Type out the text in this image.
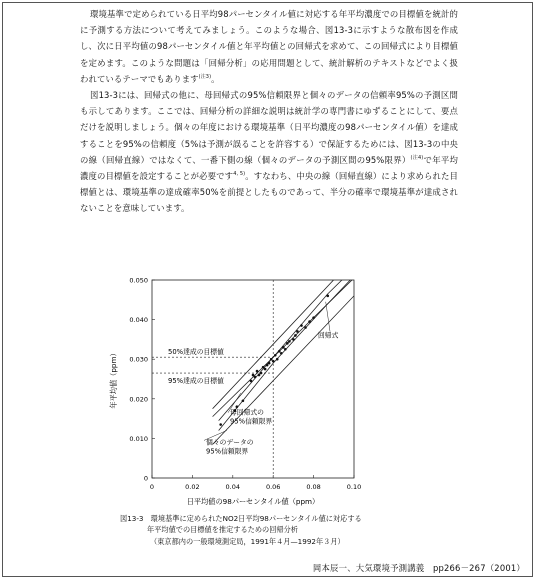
環境基準で定められている日平均98パーセンタイル値に対応する年平均濃度での目標値を統計的に予測する方法について考えてみましょう。このような場合、図13-3に示すような散布図を作成し、次に日平均値の98パーセンタイル値と年平均値との回帰式を求めて、この回帰式により目標値を定めます。このような問題は「回帰分析」の応用問題として、統計解析のテキストなどでよく扱われているテーマでもあります$^{(注3)}$。

図13-3には、回帰式の他に、母回帰式の95%信頼限界と個々のデータの信頼率95%の予測区間も示してあります。ここでは、回帰分析の詳細な説明は統計学の専門書にゆずることにして、要点だけを説明しましょう。個々の年度における環境基準（日平均濃度の98パーセンタイル値）を達成することを95%の信頼度（5%は予測が誤ることを許容する）で保証するためには、図13-3の中央の線（回帰直線）ではなくて、一番下側の線（個々のデータの予測区間の95%限界）$^{(注4)}$で年平均濃度の目標値を設定することが必要です$^{4, 5)}$。すなわち、中央の線（回帰直線）により求められた目標値とは、環境基準の達成確率50%を前提としたものであって、半分の確率で環境基準が達成されないことを意味しています。

0	0.02	0.04	0.06	0.08	0.10
0
0.010
0.020
0.030
0.040
0.050
日平均値の98パーセンタイル値（ppm）
年平均値（ppm）	50%達成の目標値
95%達成の目標値
回帰式
母回帰式の
95%信頼限界
個々のデータの
95%信頼限界
図13-3　環境基準に定められたNO2日平均98パーセンタイル値に対応する
年平均値での目標値を推定するための回帰分析
（東京都内の一般環境測定局，1991年４月—1992年３月）
岡本辰一、大気環境予測講義　pp266－267（2001）
